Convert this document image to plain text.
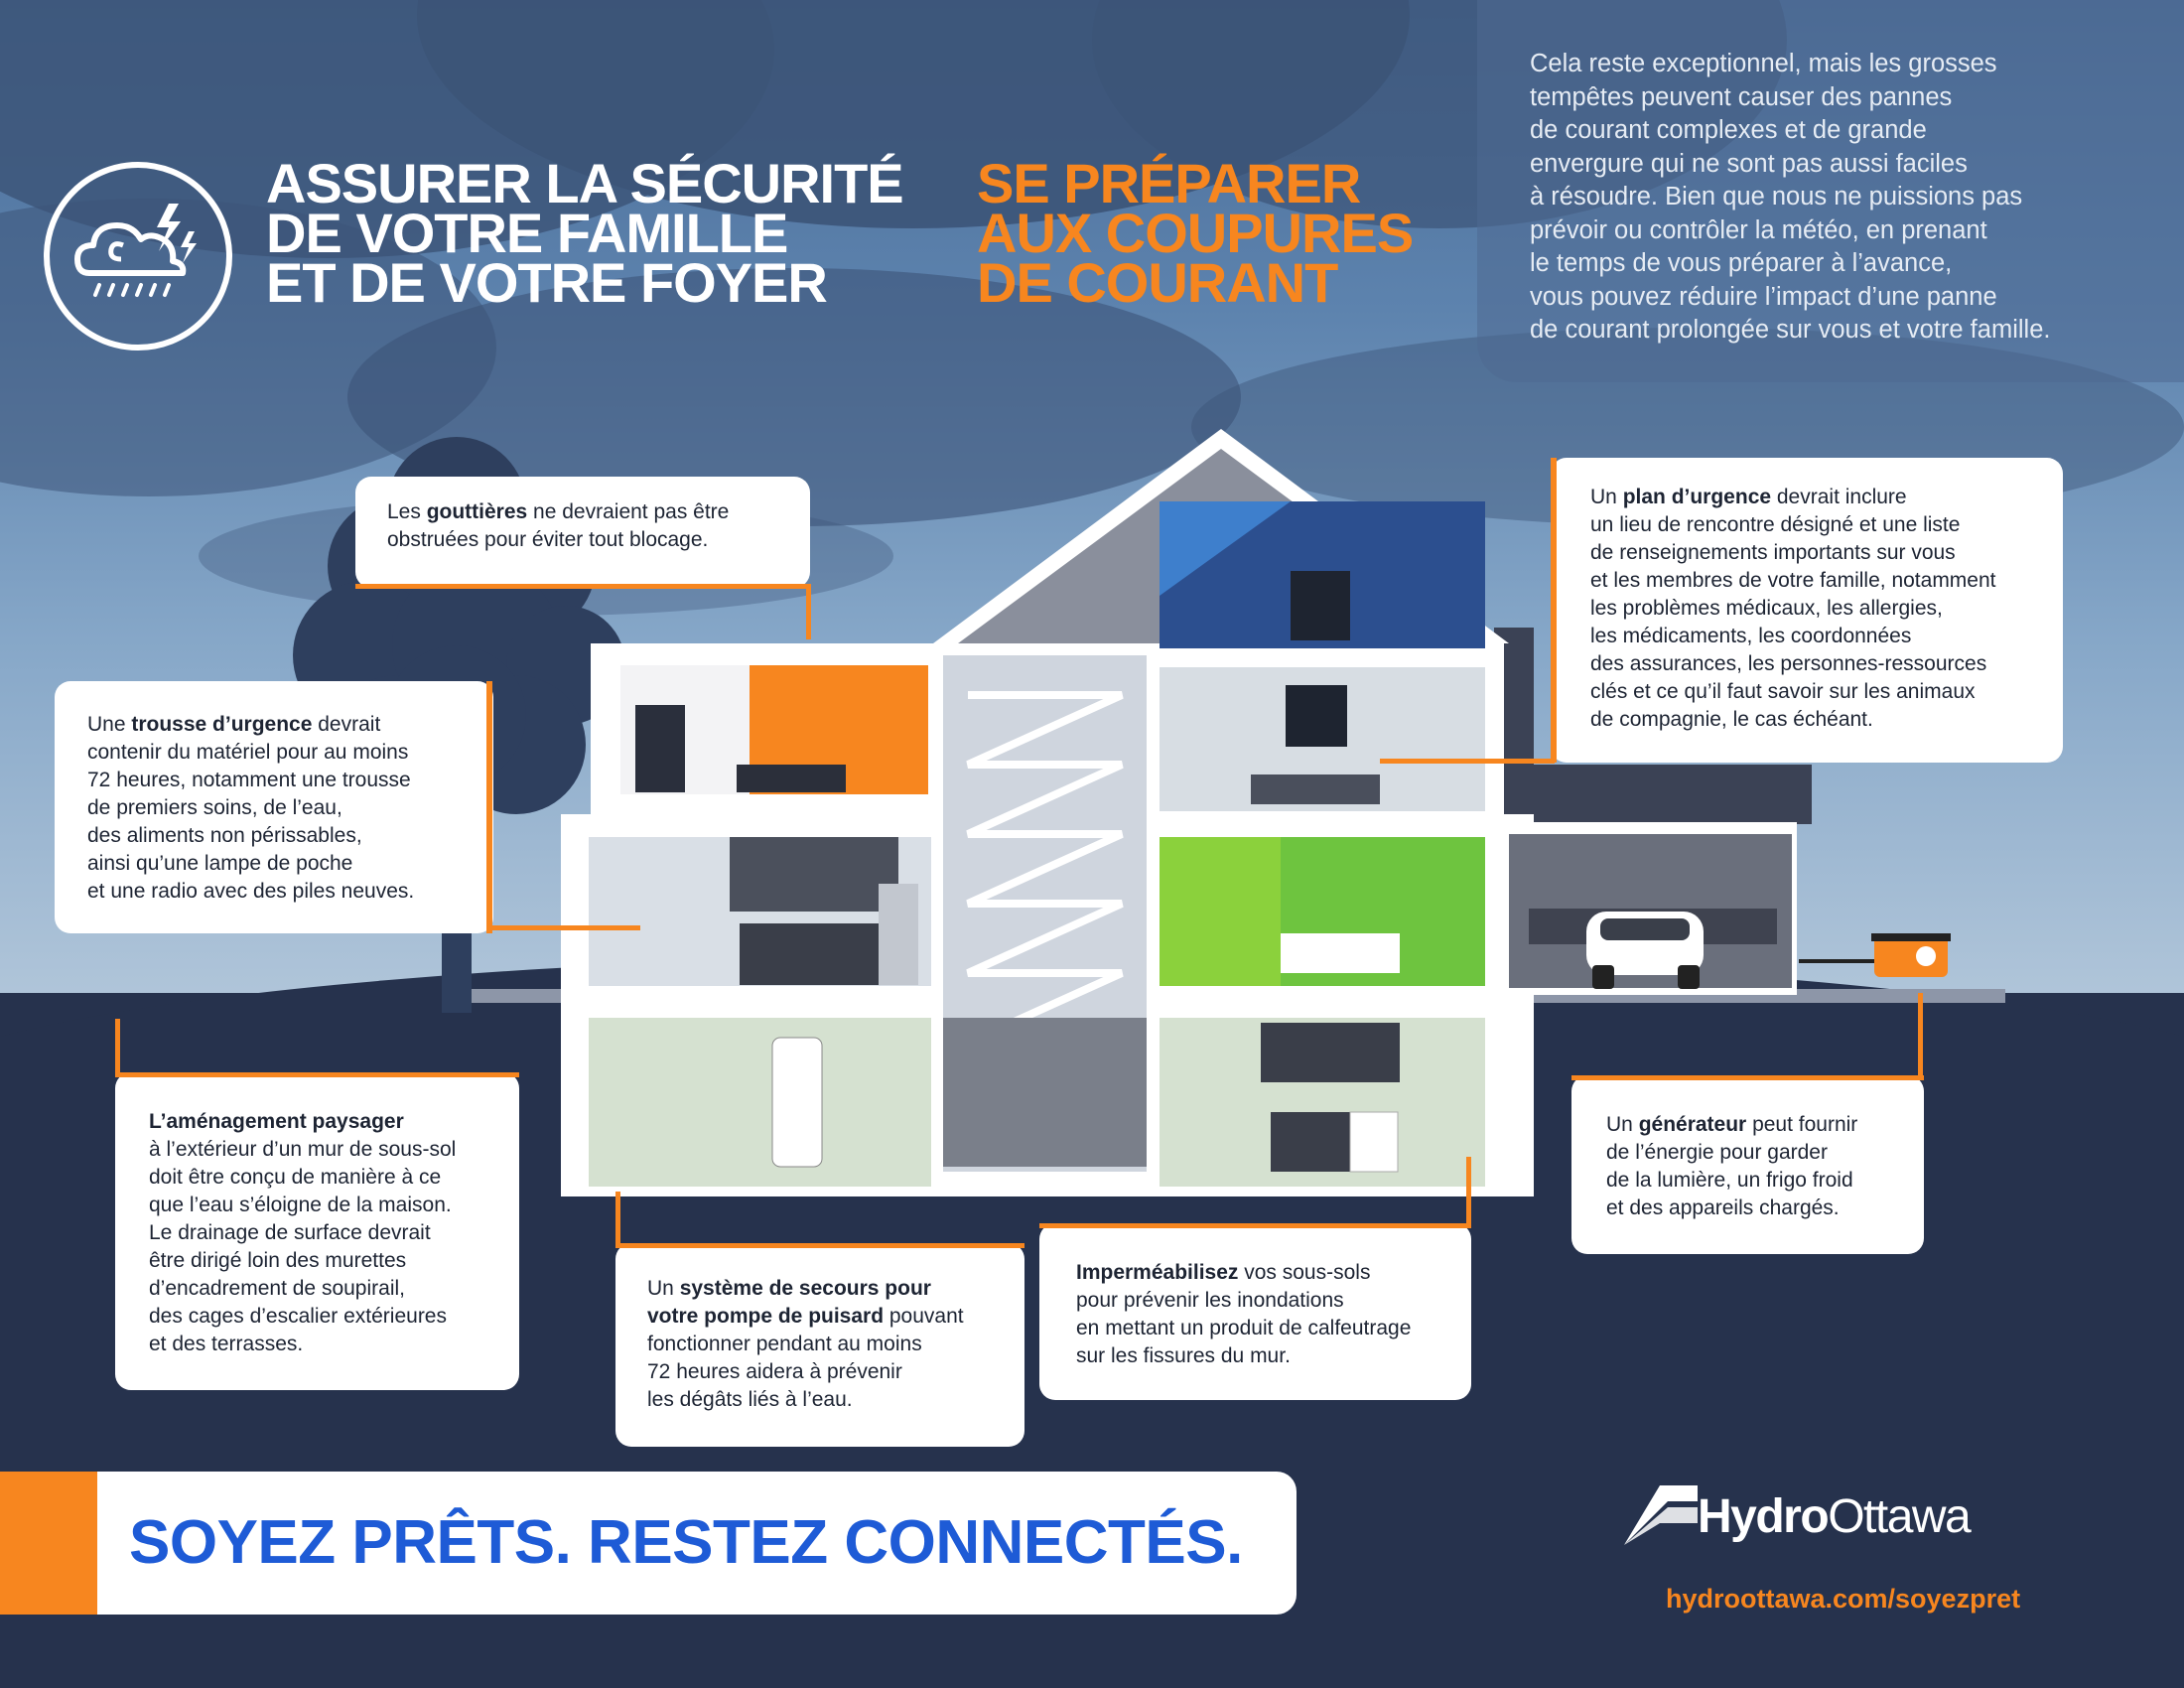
Cela reste exceptionnel, mais les grosses
tempêtes peuvent causer des pannes
de courant complexes et de grande
envergure qui ne sont pas aussi faciles
à résoudre. Bien que nous ne puissions pas
prévoir ou contrôler la météo, en prenant
le temps de vous préparer à l’avance,
vous pouvez réduire l’impact d’une panne
de courant prolongée sur vous et votre famille.
ASSURER LA SÉCURITÉ
DE VOTRE FAMILLE
ET DE VOTRE FOYER
SE PRÉPARER
AUX COUPURES
DE COURANT

Les gouttières ne devraient pas être

obstruées pour éviter tout blocage.

Une trousse d’urgence devrait

contenir du matériel pour au moins

72 heures, notamment une trousse

de premiers soins, de l’eau,

des aliments non périssables,

ainsi qu’une lampe de poche

et une radio avec des piles neuves.

Un plan d’urgence devrait inclure

un lieu de rencontre désigné et une liste

de renseignements importants sur vous

et les membres de votre famille, notamment

les problèmes médicaux, les allergies,

les médicaments, les coordonnées

des assurances, les personnes-ressources

clés et ce qu’il faut savoir sur les animaux

de compagnie, le cas échéant.

L’aménagement paysager

à l’extérieur d’un mur de sous-sol

doit être conçu de manière à ce

que l’eau s’éloigne de la maison.

Le drainage de surface devrait

être dirigé loin des murettes

d’encadrement de soupirail,

des cages d’escalier extérieures

et des terrasses.

Un système de secours pour

votre pompe de puisard pouvant

fonctionner pendant au moins

72 heures aidera à prévenir

les dégâts liés à l’eau.

Imperméabilisez vos sous-sols

pour prévenir les inondations

en mettant un produit de calfeutrage

sur les fissures du mur.

Un générateur peut fournir

de l’énergie pour garder

de la lumière, un frigo froid

et des appareils chargés.

SOYEZ PRÊTS. RESTEZ CONNECTÉS.	HydroOttawa
hydroottawa.com/soyezpret
